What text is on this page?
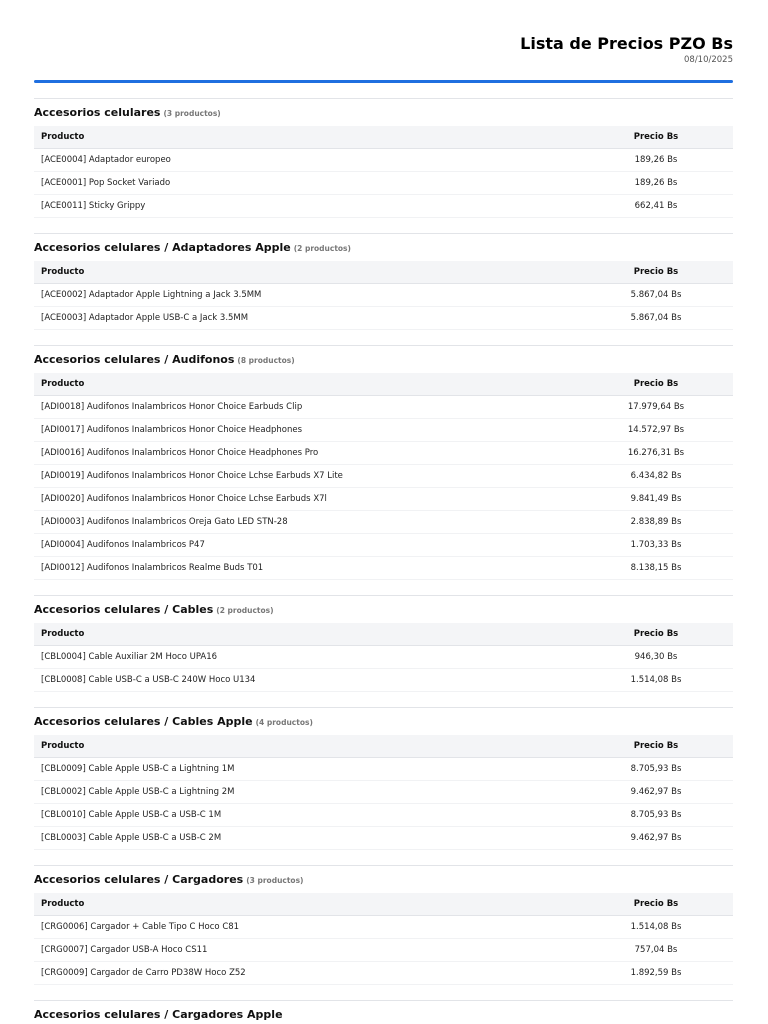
Lista de Precios PZO Bs
08/10/2025
Accesorios celulares (3 productos)
Producto	Precio Bs
[ACE0004] Adaptador europeo	189,26 Bs
[ACE0001] Pop Socket Variado	189,26 Bs
[ACE0011] Sticky Grippy	662,41 Bs
Accesorios celulares / Adaptadores Apple (2 productos)
Producto	Precio Bs
[ACE0002] Adaptador Apple Lightning a Jack 3.5MM	5.867,04 Bs
[ACE0003] Adaptador Apple USB-C a Jack 3.5MM	5.867,04 Bs
Accesorios celulares / Audifonos (8 productos)
Producto	Precio Bs
[ADI0018] Audifonos Inalambricos Honor Choice Earbuds Clip	17.979,64 Bs
[ADI0017] Audifonos Inalambricos Honor Choice Headphones	14.572,97 Bs
[ADI0016] Audifonos Inalambricos Honor Choice Headphones Pro	16.276,31 Bs
[ADI0019] Audifonos Inalambricos Honor Choice Lchse Earbuds X7 Lite	6.434,82 Bs
[ADI0020] Audifonos Inalambricos Honor Choice Lchse Earbuds X7l	9.841,49 Bs
[ADI0003] Audifonos Inalambricos Oreja Gato LED STN-28	2.838,89 Bs
[ADI0004] Audifonos Inalambricos P47	1.703,33 Bs
[ADI0012] Audifonos Inalambricos Realme Buds T01	8.138,15 Bs
Accesorios celulares / Cables (2 productos)
Producto	Precio Bs
[CBL0004] Cable Auxiliar 2M Hoco UPA16	946,30 Bs
[CBL0008] Cable USB-C a USB-C 240W Hoco U134	1.514,08 Bs
Accesorios celulares / Cables Apple (4 productos)
Producto	Precio Bs
[CBL0009] Cable Apple USB-C a Lightning 1M	8.705,93 Bs
[CBL0002] Cable Apple USB-C a Lightning 2M	9.462,97 Bs
[CBL0010] Cable Apple USB-C a USB-C 1M	8.705,93 Bs
[CBL0003] Cable Apple USB-C a USB-C 2M	9.462,97 Bs
Accesorios celulares / Cargadores (3 productos)
Producto	Precio Bs
[CRG0006] Cargador + Cable Tipo C Hoco C81	1.514,08 Bs
[CRG0007] Cargador USB-A Hoco CS11	757,04 Bs
[CRG0009] Cargador de Carro PD38W Hoco Z52	1.892,59 Bs
Accesorios celulares / Cargadores Apple
